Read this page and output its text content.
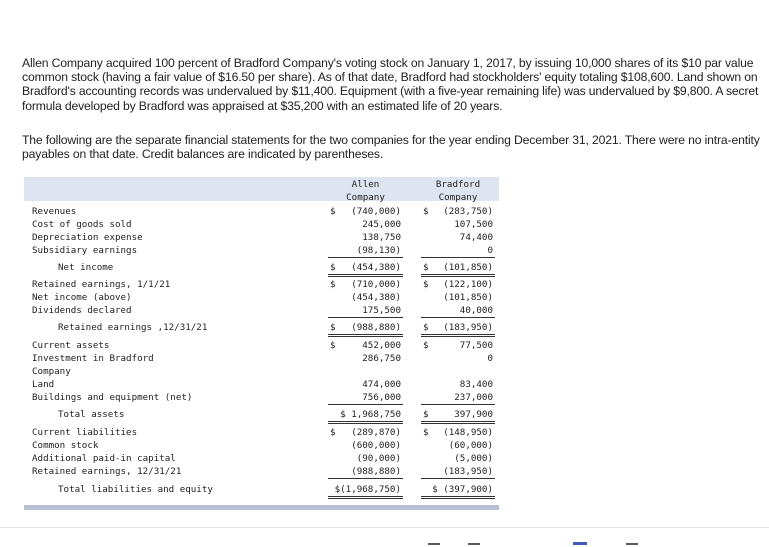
Allen Company acquired 100 percent of Bradford Company's voting stock on January 1, 2017, by issuing 10,000 shares of its $10 par value common stock (having a fair value of $16.50 per share). As of that date, Bradford had stockholders' equity totaling $108,600. Land shown on Bradford's accounting records was undervalued by $11,400. Equipment (with a five-year remaining life) was undervalued by $9,800. A secret formula developed by Bradford was appraised at $35,200 with an estimated life of 20 years.
The following are the separate financial statements for the two companies for the year ending December 31, 2021. There were no intra-entity payables on that date. Credit balances are indicated by parentheses.
Allen
Company
Bradford
Company
Revenues	$ (740,000) $ (283,750)
Cost of goods sold	245,000	107,500
Depreciation expense	138,750	74,400
Subsidiary earnings	(98,130)	0
Net income	$ (454,380) $ (101,850)
Retained earnings, 1/1/21	$ (710,000) $ (122,100)
Net income (above)	(454,380)	(101,850)
Dividends declared	175,500	40,000
Retained earnings ,12/31/21	$ (988,880) $ (183,950)
Current assets	$	452,000 $	77,500
Investment in Bradford	286,750	0
Company
Land	474,000	83,400
Buildings and equipment (net)	756,000	237,000
Total assets	$ 1,968,750 $	397,900
Current liabilities	$ (289,870) $ (148,950)
Common stock	(600,000)	(60,000)
Additional paid-in capital	(90,000)	(5,000)
Retained earnings, 12/31/21	(988,880)	(183,950)
Total liabilities and equity	$(1,968,750)	$ (397,900)
